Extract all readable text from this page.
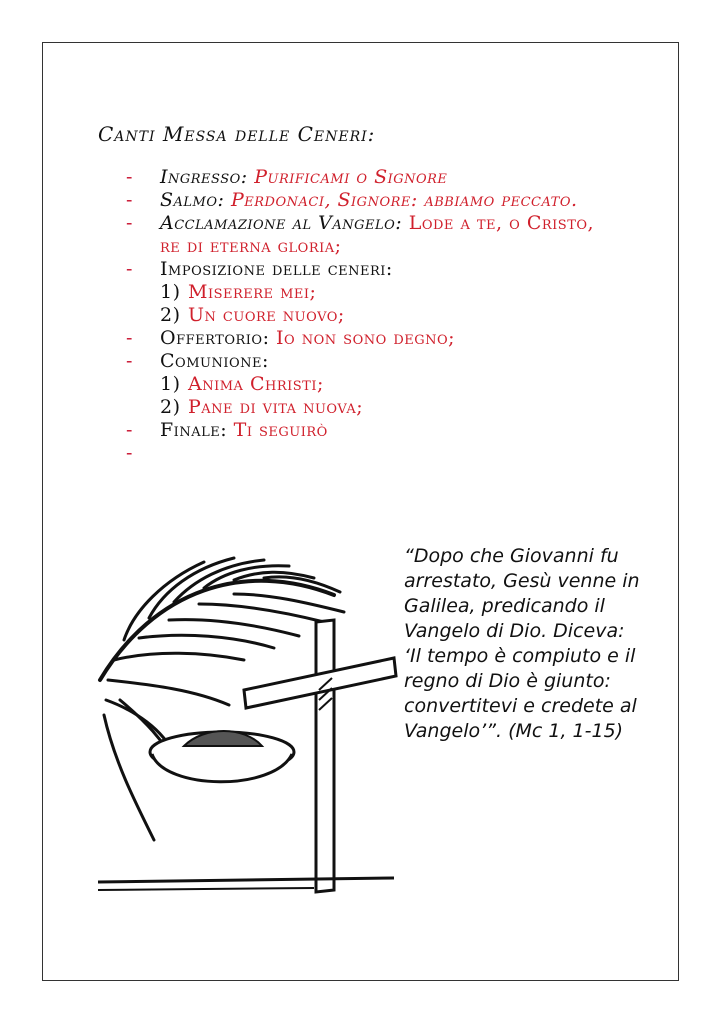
Canti Messa delle Ceneri:
-	Ingresso: Purificami o Signore
-	Salmo: Perdonaci, Signore: abbiamo peccato.
-	Acclamazione al Vangelo: Lode a te, o Cristo, re di eterna gloria;
-	Imposizione delle ceneri:
1) Miserere mei;
2) Un cuore nuovo;
-	Offertorio: Io non sono degno;
-	Comunione:
1) Anima Christi;
2) Pane di vita nuova;
-	Finale: Ti seguirò
-
“Dopo che Giovanni fu arrestato, Gesù venne in Galilea, predicando il Vangelo di Dio. Diceva: ‘Il tempo è compiuto e il regno di Dio è giunto: convertitevi e credete al Vangelo’”. (Mc 1, 1-15)
